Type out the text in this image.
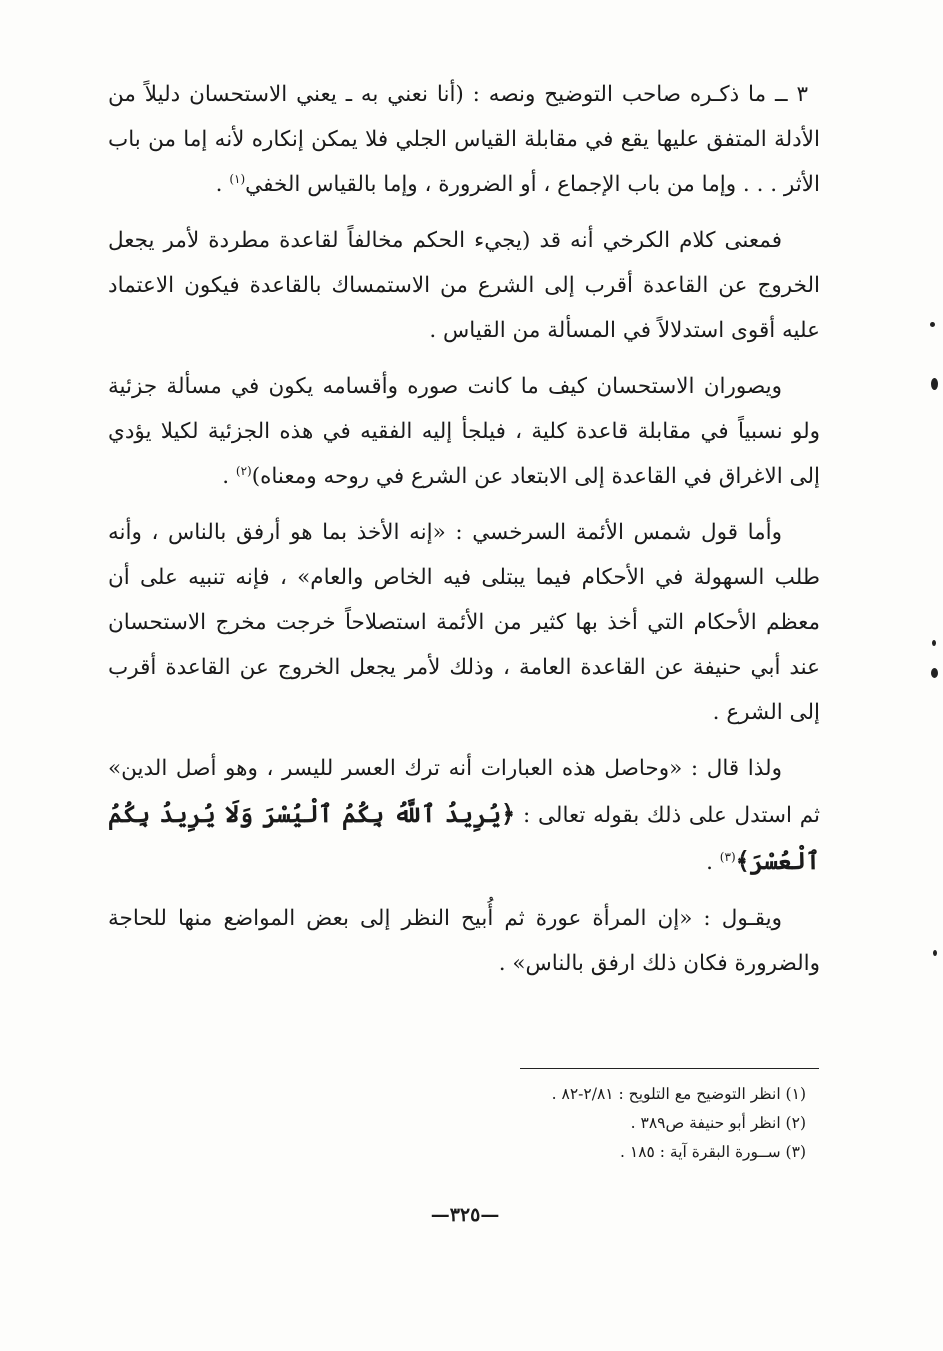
٣ ــ ما ذكـره صاحب التوضيح ونصه : (أنا نعني به ـ يعني الاستحسان دليلاً من الأدلة المتفق عليها يقع في مقابلة القياس الجلي فلا يمكن إنكاره لأنه إما من باب الأثر . . . وإما من باب الإجماع ، أو الضرورة ، وإما بالقياس الخفي$^{(١)}$ .

فمعنى كلام الكرخي أنه قد (يجيء الحكم مخالفاً لقاعدة مطردة لأمر يجعل الخروج عن القاعدة أقرب إلى الشرع من الاستمساك بالقاعدة فيكون الاعتماد عليه أقوى استدلالاً في المسألة من القياس .

ويصوران الاستحسان كيف ما كانت صوره وأقسامه يكون في مسألة جزئية ولو نسبياً في مقابلة قاعدة كلية ، فيلجأ إليه الفقيه في هذه الجزئية لكيلا يؤدي إلى الاغراق في القاعدة إلى الابتعاد عن الشرع في روحه ومعناه)$^{(٢)}$ .

وأما قول شمس الأئمة السرخسي : «إنه الأخذ بما هو أرفق بالناس ، وأنه طلب السهولة في الأحكام فيما يبتلى فيه الخاص والعام» ، فإنه تنبيه على أن معظم الأحكام التي أخذ بها كثير من الأئمة استصلاحاً خرجت مخرج الاستحسان عند أبي حنيفة عن القاعدة العامة ، وذلك لأمر يجعل الخروج عن القاعدة أقرب إلى الشرع .

ولذا قال : «وحاصل هذه العبارات أنه ترك العسر لليسر ، وهو أصل الدين» ثم استدل على ذلك بقوله تعالى : ﴿يُرِيدُ ٱللَّهُ بِكُمُ ٱلْيُسْرَ وَلَا يُرِيدُ بِكُمُ ٱلْعُسْرَ﴾$^{(٣)}$ .

ويقـول : «إن المرأة عورة ثم أُبيح النظر إلى بعض المواضع منها للحاجة والضرورة فكان ذلك ارفق بالناس» .

(١) انظر التوضيح مع التلويح : ٢/٨١-٨٢ .

(٢) انظر أبو حنيفة ص٣٨٩ .

(٣) ســورة البقرة آية : ١٨٥ .

—٣٢٥—
